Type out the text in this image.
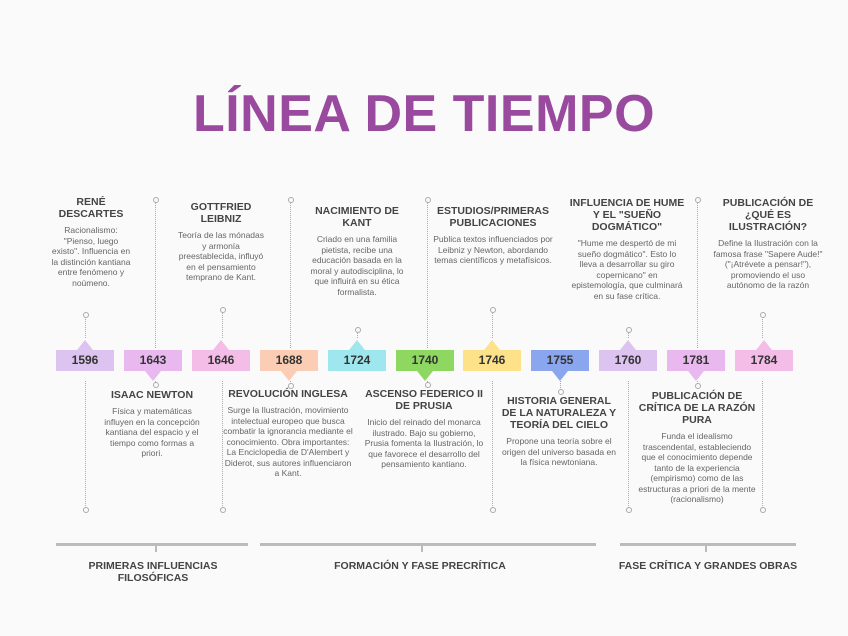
LÍNEA DE TIEMPO
1596	1643	1646	1688	1724	1740	1746	1755	1760	1781	1784
RENÉ DESCARTES
Racionalismo: "Pienso, luego existo". Influencia en la distinción kantiana entre fenómeno y noúmeno.
GOTTFRIED LEIBNIZ
Teoría de las mónadas y armonía preestablecida, influyó en el pensamiento temprano de Kant.
NACIMIENTO DE KANT
Criado en una familia pietista, recibe una educación basada en la moral y autodisciplina, lo que influirá en su ética formalista.
ESTUDIOS/PRIMERAS PUBLICACIONES
Publica textos influenciados por Leibniz y Newton, abordando temas científicos y metafísicos.
INFLUENCIA DE HUME Y EL "SUEÑO DOGMÁTICO"
"Hume me despertó de mi sueño dogmático". Esto lo lleva a desarrollar su giro copernicano" en epistemología, que culminará en su fase crítica.
PUBLICACIÓN DE ¿QUÉ ES ILUSTRACIÓN?
Define la Ilustración con la famosa frase "Sapere Aude!" ("¡Atrévete a pensar!"), promoviendo el uso autónomo de la razón
ISAAC NEWTON
Física y matemáticas influyen en la concepción kantiana del espacio y el tiempo como formas a priori.
REVOLUCIÓN INGLESA
Surge la Ilustración, movimiento intelectual europeo que busca combatir la ignorancia mediante el conocimiento. Obra importantes: La Enciclopedia de D'Alembert y Diderot, sus autores influenciaron a Kant.
ASCENSO FEDERICO II DE PRUSIA
Inicio del reinado del monarca ilustrado. Bajo su gobierno, Prusia fomenta la Ilustración, lo que favorece el desarrollo del pensamiento kantiano.
HISTORIA GENERAL DE LA NATURALEZA Y TEORÍA DEL CIELO
Propone una teoría sobre el origen del universo basada en la física newtoniana.
PUBLICACIÓN DE CRÍTICA DE LA RAZÓN PURA
Funda el idealismo trascendental, estableciendo que el conocimiento depende tanto de la experiencia (empirismo) como de las estructuras a priori de la mente (racionalismo)
PRIMERAS INFLUENCIAS FILOSÓFICAS
FORMACIÓN Y FASE PRECRÍTICA	FASE CRÍTICA Y GRANDES OBRAS
